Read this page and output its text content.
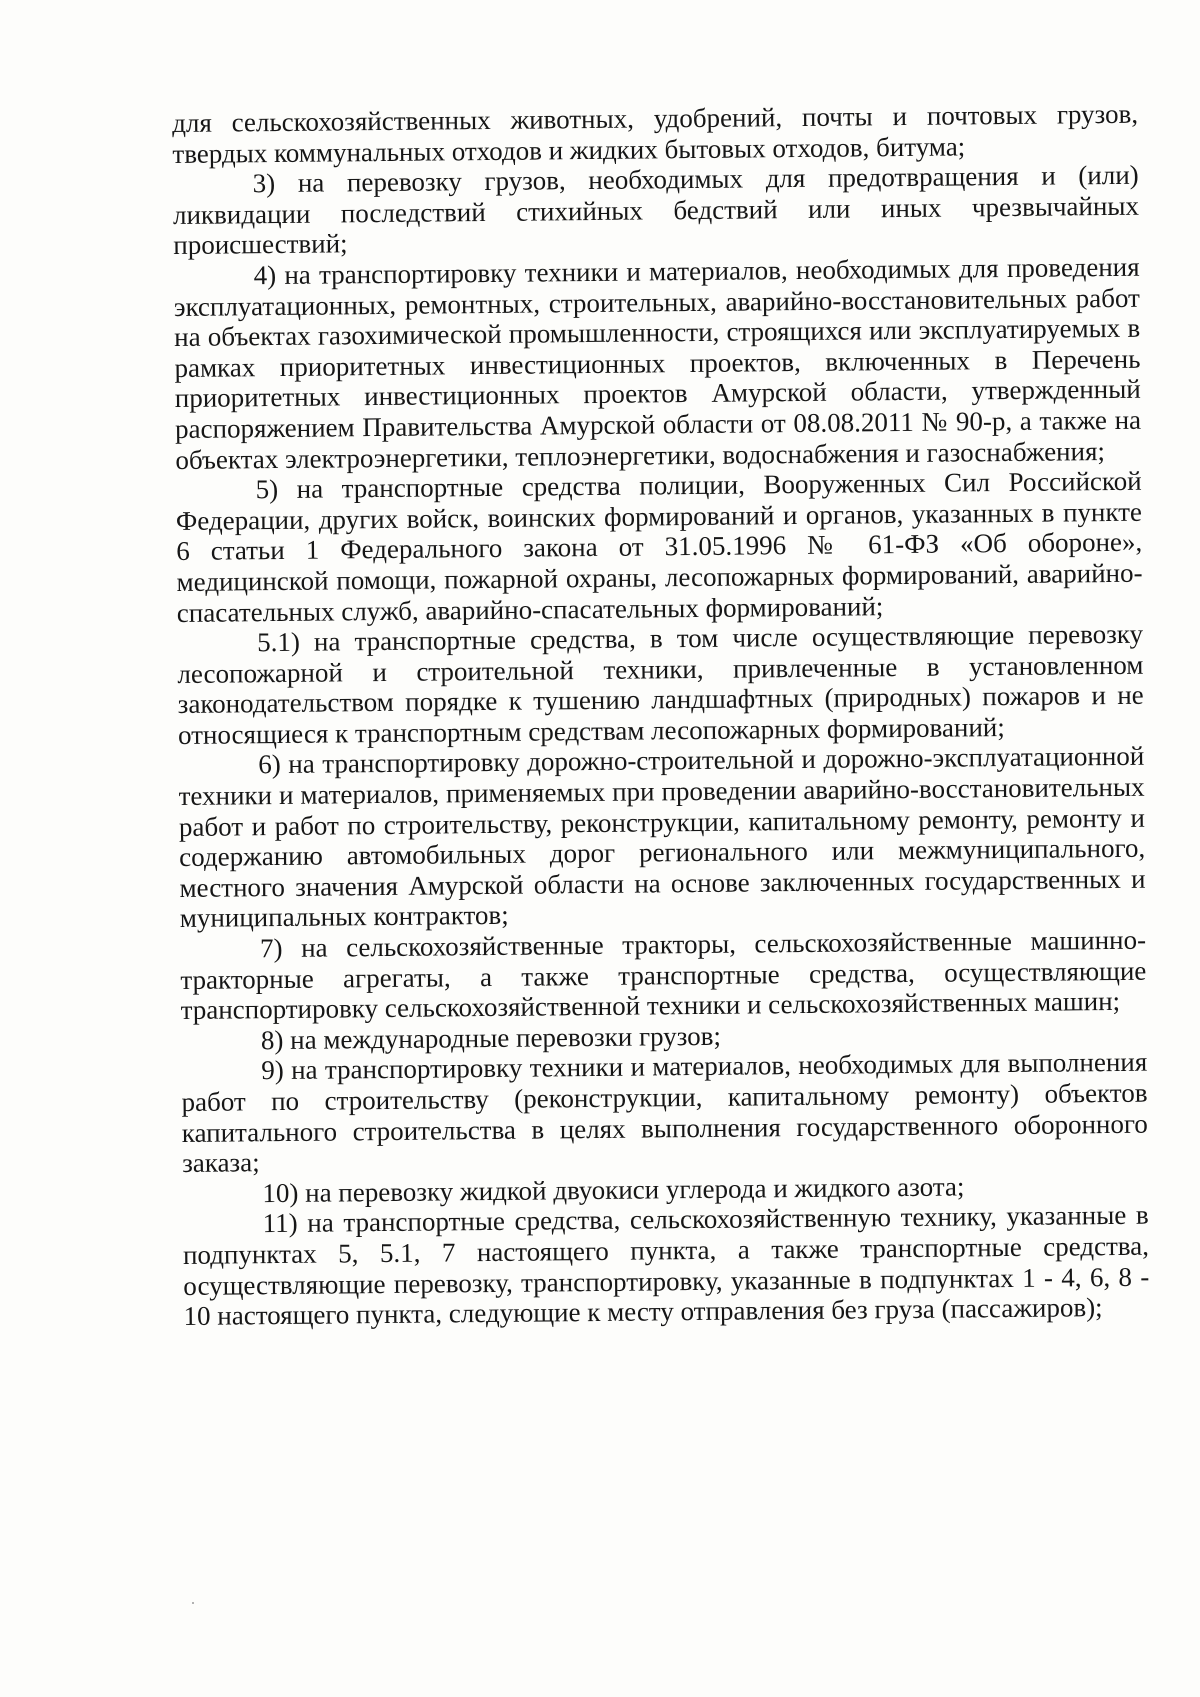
для сельскохозяйственных животных, удобрений, почты и почтовых грузов, твердых коммунальных отходов и жидких бытовых отходов, битума;

3) на перевозку грузов, необходимых для предотвращения и (или) ликвидации последствий стихийных бедствий или иных чрезвычайных происшествий;

4) на транспортировку техники и материалов, необходимых для проведения эксплуатационных, ремонтных, строительных, аварийно-восстановительных работ на объектах газохимической промышленности, строящихся или эксплуатируемых в рамках приоритетных инвестиционных проектов, включенных в Перечень приоритетных инвестиционных проектов Амурской области, утвержденный распоряжением Правительства Амурской области от 08.08.2011 № 90-р, а также на объектах электроэнергетики, теплоэнергетики, водоснабжения и газоснабжения;

5) на транспортные средства полиции, Вооруженных Сил Российской Федерации, других войск, воинских формирований и органов, указанных в пункте 6 статьи 1 Федерального закона от 31.05.1996 № 61-ФЗ «Об обороне», медицинской помощи, пожарной охраны, лесопожарных формирований, аварийно-спасательных служб, аварийно-спасательных формирований;

5.1) на транспортные средства, в том числе осуществляющие перевозку лесопожарной и строительной техники, привлеченные в установленном законодательством порядке к тушению ландшафтных (природных) пожаров и не относящиеся к транспортным средствам лесопожарных формирований;

6) на транспортировку дорожно-строительной и дорожно-эксплуатационной техники и материалов, применяемых при проведении аварийно-восстановительных работ и работ по строительству, реконструкции, капитальному ремонту, ремонту и содержанию автомобильных дорог регионального или межмуниципального, местного значения Амурской области на основе заключенных государственных и муниципальных контрактов;

7) на сельскохозяйственные тракторы, сельскохозяйственные машинно-тракторные агрегаты, а также транспортные средства, осуществляющие транспортировку сельскохозяйственной техники и сельскохозяйственных машин;

8) на международные перевозки грузов;

9) на транспортировку техники и материалов, необходимых для выполнения работ по строительству (реконструкции, капитальному ремонту) объектов капитального строительства в целях выполнения государственного оборонного заказа;

10) на перевозку жидкой двуокиси углерода и жидкого азота;

11) на транспортные средства, сельскохозяйственную технику, указанные в подпунктах 5, 5.1, 7 настоящего пункта, а также транспортные средства, осуществляющие перевозку, транспортировку, указанные в подпунктах 1 - 4, 6, 8 - 10 настоящего пункта, следующие к месту отправления без груза (пассажиров);
